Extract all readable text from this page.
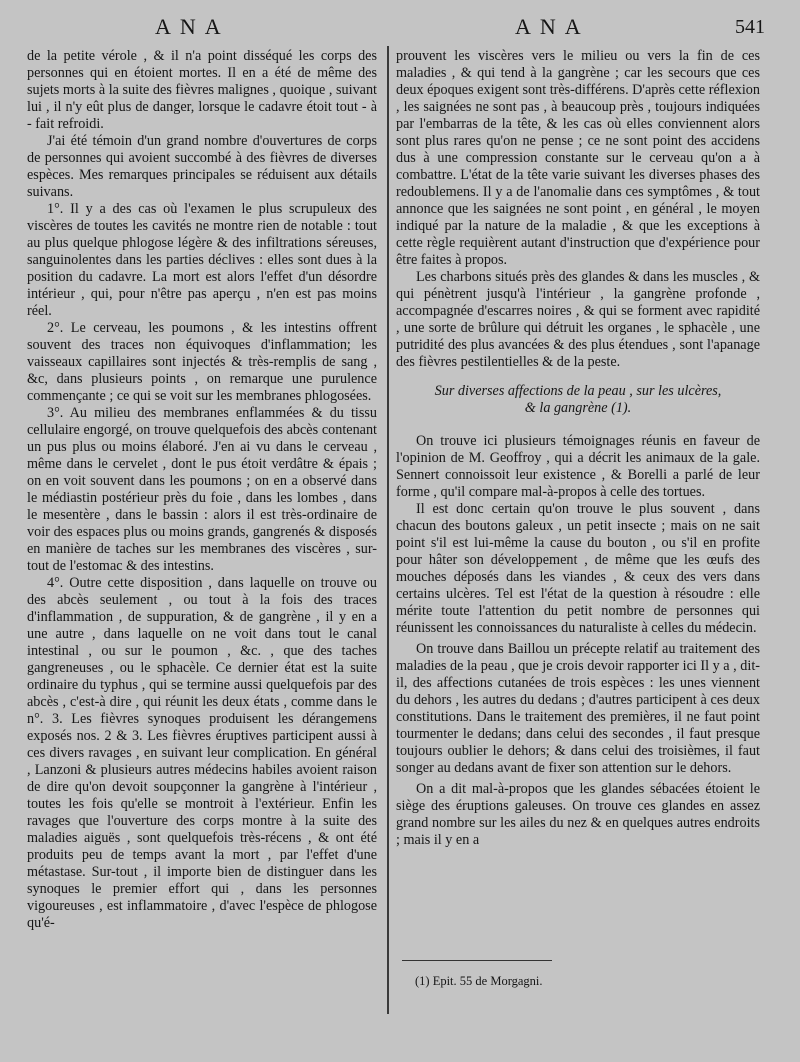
ANA	ANA	541

de la petite vérole , & il n'a point disséqué les corps des personnes qui en étoient mortes. Il en a été de même des sujets morts à la suite des fièvres malignes , quoique , suivant lui , il n'y eût plus de danger, lorsque le cadavre étoit tout - à - fait refroidi.

J'ai été témoin d'un grand nombre d'ouvertures de corps de personnes qui avoient succombé à des fièvres de diverses espèces. Mes remarques principales se réduisent aux détails suivans.

1°. Il y a des cas où l'examen le plus scrupuleux des viscères de toutes les cavités ne montre rien de notable : tout au plus quelque phlogose légère & des infiltrations séreuses, sanguinolentes dans les parties déclives : elles sont dues à la position du cadavre. La mort est alors l'effet d'un désordre intérieur , qui, pour n'être pas aperçu , n'en est pas moins réel.

2°. Le cerveau, les poumons , & les intestins offrent souvent des traces non équivoques d'inflammation; les vaisseaux capillaires sont injectés & très-remplis de sang , &c, dans plusieurs points , on remarque une purulence commençante ; ce qui se voit sur les membranes phlogosées.

3°. Au milieu des membranes enflammées & du tissu cellulaire engorgé, on trouve quelquefois des abcès contenant un pus plus ou moins élaboré. J'en ai vu dans le cerveau , même dans le cervelet , dont le pus étoit verdâtre & épais ; on en voit souvent dans les poumons ; on en a observé dans le médiastin postérieur près du foie , dans les lombes , dans le mesentère , dans le bassin : alors il est très-ordinaire de voir des espaces plus ou moins grands, gangrenés & disposés en manière de taches sur les membranes des viscères , sur-tout de l'estomac & des intestins.

4°. Outre cette disposition , dans laquelle on trouve ou des abcès seulement , ou tout à la fois des traces d'inflammation , de suppuration, & de gangrène , il y en a une autre , dans laquelle on ne voit dans tout le canal intestinal , ou sur le poumon , &c. , que des taches gangreneuses , ou le sphacèle. Ce dernier état est la suite ordinaire du typhus , qui se termine aussi quelquefois par des abcès , c'est-à dire , qui réunit les deux états , comme dans le n°. 3. Les fièvres synoques produisent les dérangemens exposés nos. 2 & 3. Les fièvres éruptives participent aussi à ces divers ravages , en suivant leur complication. En général , Lanzoni & plusieurs autres médecins habiles avoient raison de dire qu'on devoit soupçonner la gangrène à l'intérieur , toutes les fois qu'elle se montroit à l'extérieur. Enfin les ravages que l'ouverture des corps montre à la suite des maladies aiguës , sont quelquefois très-récens , & ont été produits peu de temps avant la mort , par l'effet d'une métastase. Sur-tout , il importe bien de distinguer dans les synoques le premier effort qui , dans les personnes vigoureuses , est inflammatoire , d'avec l'espèce de phlogose qu'é-

prouvent les viscères vers le milieu ou vers la fin de ces maladies , & qui tend à la gangrène ; car les secours que ces deux époques exigent sont très-différens. D'après cette réflexion , les saignées ne sont pas , à beaucoup près , toujours indiquées par l'embarras de la tête, & les cas où elles conviennent alors sont plus rares qu'on ne pense ; ce ne sont point des accidens dus à une compression constante sur le cerveau qu'on a à combattre. L'état de la tête varie suivant les diverses phases des redoublemens. Il y a de l'anomalie dans ces symptômes , & tout annonce que les saignées ne sont point , en général , le moyen indiqué par la nature de la maladie , & que les exceptions à cette règle requièrent autant d'instruction que d'expérience pour être faites à propos.

Les charbons situés près des glandes & dans les muscles , & qui pénètrent jusqu'à l'intérieur , la gangrène profonde , accompagnée d'escarres noires , & qui se forment avec rapidité , une sorte de brûlure qui détruit les organes , le sphacèle , une putridité des plus avancées & des plus étendues , sont l'apanage des fièvres pestilentielles & de la peste.

Sur diverses affections de la peau , sur les ulcères,
& la gangrène (1).

On trouve ici plusieurs témoignages réunis en faveur de l'opinion de M. Geoffroy , qui a décrit les animaux de la gale. Sennert connoissoit leur existence , & Borelli a parlé de leur forme , qu'il compare mal-à-propos à celle des tortues.

Il est donc certain qu'on trouve le plus souvent , dans chacun des boutons galeux , un petit insecte ; mais on ne sait point s'il est lui-même la cause du bouton , ou s'il en profite pour hâter son développement , de même que les œufs des mouches déposés dans les viandes , & ceux des vers dans certains ulcères. Tel est l'état de la question à résoudre : elle mérite toute l'attention du petit nombre de personnes qui réunissent les connoissances du naturaliste à celles du médecin.

On trouve dans Baillou un précepte relatif au traitement des maladies de la peau , que je crois devoir rapporter ici Il y a , dit-il, des affections cutanées de trois espèces : les unes viennent du dehors , les autres du dedans ; d'autres participent à ces deux constitutions. Dans le traitement des premières, il ne faut point tourmenter le dedans; dans celui des secondes , il faut presque toujours oublier le dehors; & dans celui des troisièmes, il faut songer au dedans avant de fixer son attention sur le dehors.

On a dit mal-à-propos que les glandes sébacées étoient le siège des éruptions galeuses. On trouve ces glandes en assez grand nombre sur les ailes du nez & en quelques autres endroits ; mais il y en a

(1) Epit. 55 de Morgagni.
